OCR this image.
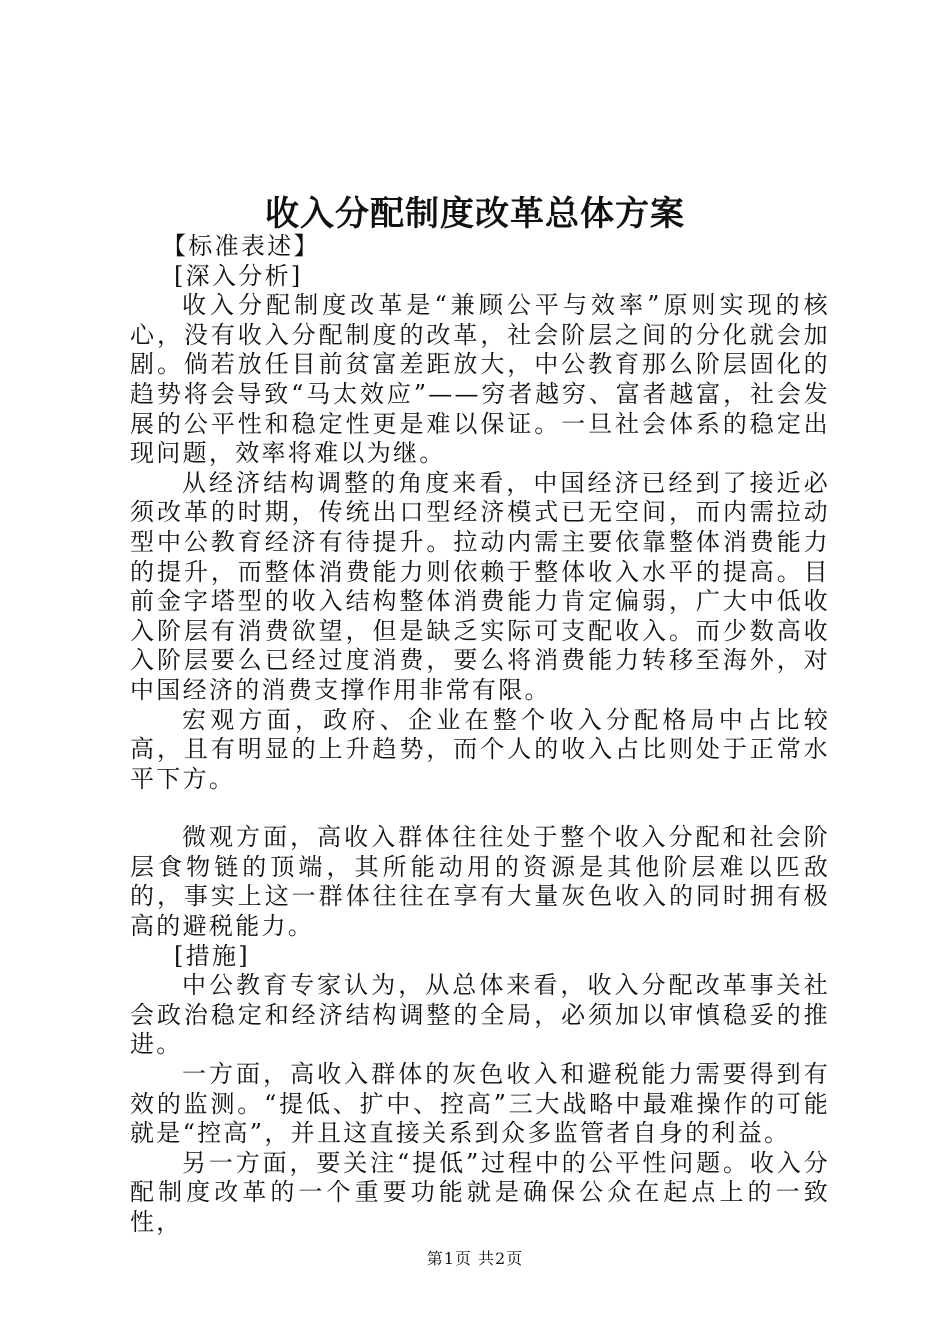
收入分配制度改革总体方案

【标准表述】

[深入分析]

收入分配制度改革是“兼顾公平与效率”原则实现的核心，没有收入分配制度的改革，社会阶层之间的分化就会加剧。倘若放任目前贫富差距放大，中公教育那么阶层固化的趋势将会导致“马太效应”——穷者越穷、富者越富，社会发展的公平性和稳定性更是难以保证。一旦社会体系的稳定出现问题，效率将难以为继。

从经济结构调整的角度来看，中国经济已经到了接近必须改革的时期，传统出口型经济模式已无空间，而内需拉动型中公教育经济有待提升。拉动内需主要依靠整体消费能力的提升，而整体消费能力则依赖于整体收入水平的提高。目前金字塔型的收入结构整体消费能力肯定偏弱，广大中低收入阶层有消费欲望，但是缺乏实际可支配收入。而少数高收入阶层要么已经过度消费，要么将消费能力转移至海外，对中国经济的消费支撑作用非常有限。

宏观方面，政府、企业在整个收入分配格局中占比较高，且有明显的上升趋势，而个人的收入占比则处于正常水平下方。

微观方面，高收入群体往往处于整个收入分配和社会阶层食物链的顶端，其所能动用的资源是其他阶层难以匹敌的，事实上这一群体往往在享有大量灰色收入的同时拥有极高的避税能力。

[措施]

中公教育专家认为，从总体来看，收入分配改革事关社会政治稳定和经济结构调整的全局，必须加以审慎稳妥的推进。

一方面，高收入群体的灰色收入和避税能力需要得到有效的监测。“提低、扩中、控高”三大战略中最难操作的可能就是“控高”，并且这直接关系到众多监管者自身的利益。

另一方面，要关注“提低”过程中的公平性问题。收入分配制度改革的一个重要功能就是确保公众在起点上的一致性，

第1页 共2页
